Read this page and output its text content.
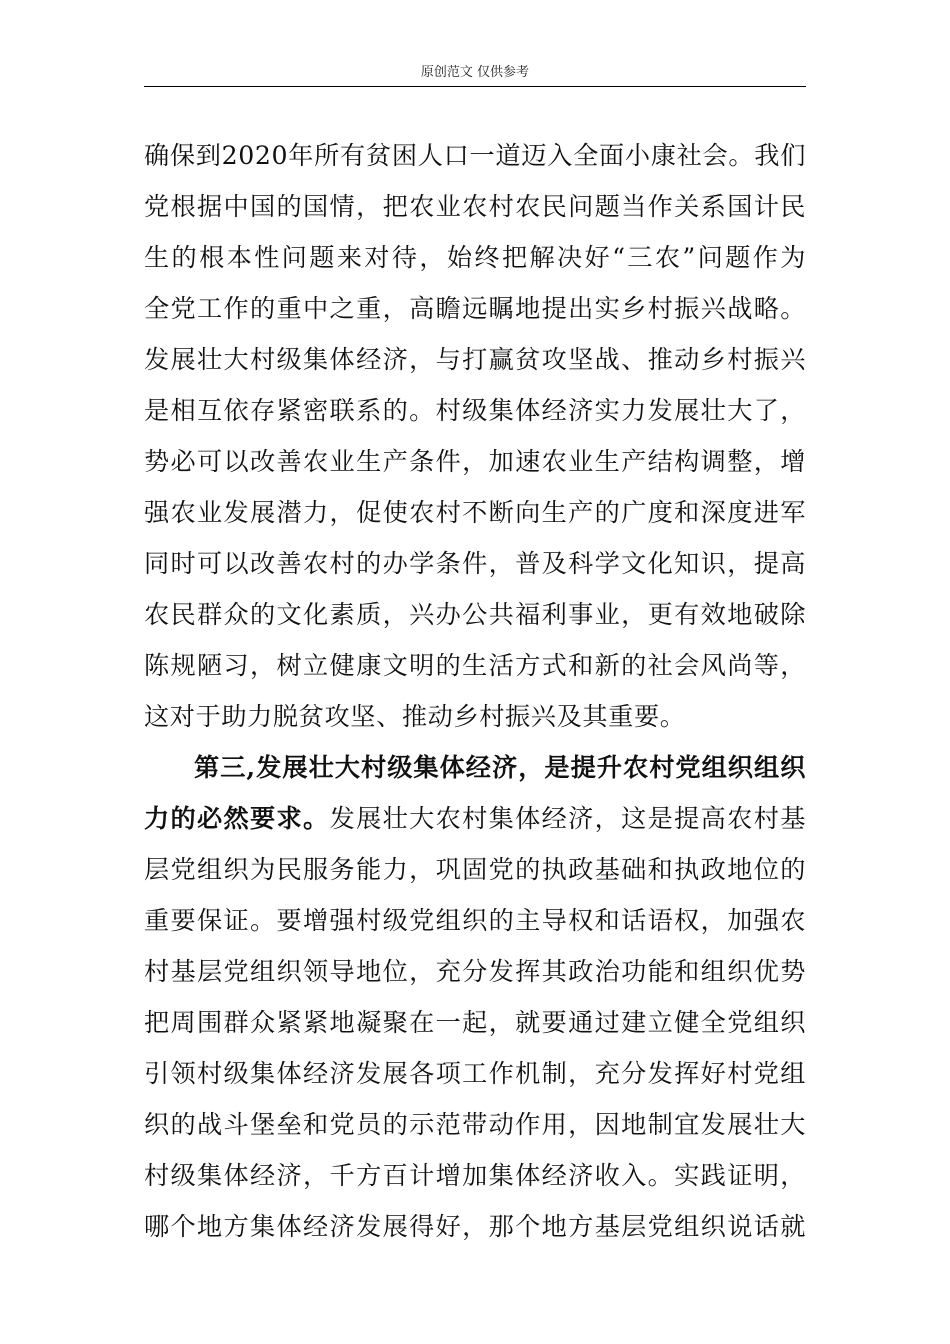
原创范文 仅供参考
确保到2020年所有贫困人口一道迈入全面小康社会。我们
党根据中国的国情，把农业农村农民问题当作关系国计民
生的根本性问题来对待，始终把解决好“三农”问题作为
全党工作的重中之重，高瞻远瞩地提出实乡村振兴战略。
发展壮大村级集体经济，与打赢贫攻坚战、推动乡村振兴
是相互依存紧密联系的。村级集体经济实力发展壮大了，
势必可以改善农业生产条件，加速农业生产结构调整，增
强农业发展潜力，促使农村不断向生产的广度和深度进军
同时可以改善农村的办学条件，普及科学文化知识，提高
农民群众的文化素质，兴办公共福利事业，更有效地破除
陈规陋习，树立健康文明的生活方式和新的社会风尚等，
这对于助力脱贫攻坚、推动乡村振兴及其重要。
第三,发展壮大村级集体经济，是提升农村党组织组织
力的必然要求。发展壮大农村集体经济，这是提高农村基
层党组织为民服务能力，巩固党的执政基础和执政地位的
重要保证。要增强村级党组织的主导权和话语权，加强农
村基层党组织领导地位，充分发挥其政治功能和组织优势
把周围群众紧紧地凝聚在一起，就要通过建立健全党组织
引领村级集体经济发展各项工作机制，充分发挥好村党组
织的战斗堡垒和党员的示范带动作用，因地制宜发展壮大
村级集体经济，千方百计增加集体经济收入。实践证明，
哪个地方集体经济发展得好，那个地方基层党组织说话就
